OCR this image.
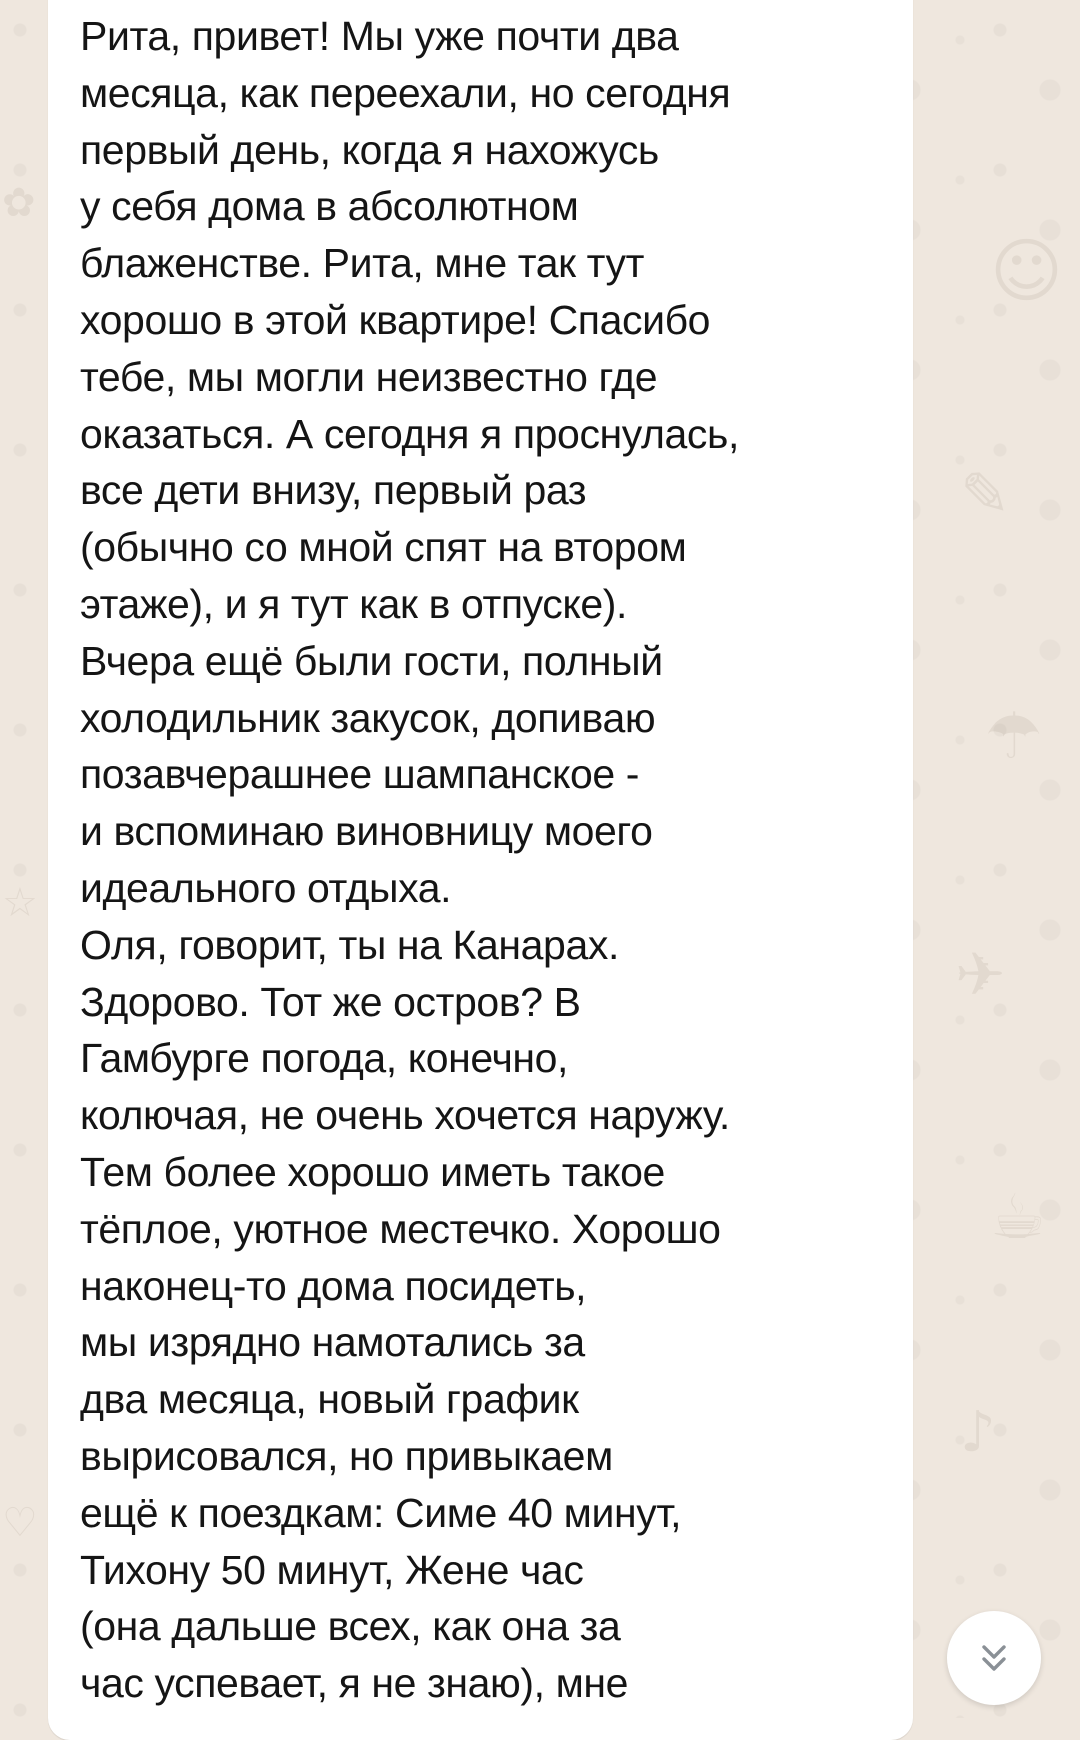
☺
✎
☂
✈
☕
♪
✿
☆
♡
Рита, привет! Мы уже почти два
месяца, как переехали, но сегодня
первый день, когда я нахожусь
у себя дома в абсолютном
блаженстве. Рита, мне так тут
хорошо в этой квартире! Спасибо
тебе, мы могли неизвестно где
оказаться. А сегодня я проснулась,
все дети внизу, первый раз
(обычно со мной спят на втором
этаже), и я тут как в отпуске).
Вчера ещё были гости, полный
холодильник закусок, допиваю
позавчерашнее шампанское -
и вспоминаю виновницу моего
идеального отдыха.
Оля, говорит, ты на Канарах.
Здорово. Тот же остров? В
Гамбурге погода, конечно,
колючая, не очень хочется наружу.
Тем более хорошо иметь такое
тёплое, уютное местечко. Хорошо
наконец-то дома посидеть,
мы изрядно намотались за
два месяца, новый график
вырисовался, но привыкаем
ещё к поездкам: Симе 40 минут,
Тихону 50 минут, Жене час
(она дальше всех, как она за
час успевает, я не знаю), мне
